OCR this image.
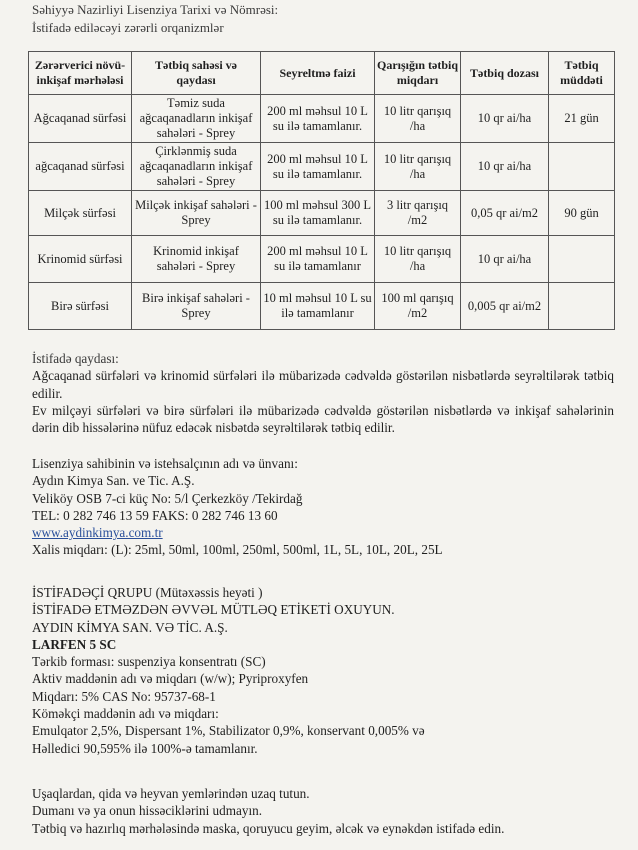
Səhiyyə Nazirliyi Lisenziya Tarixi və Nömrəsi:
İstifadə ediləcəyi zərərli orqanizmlər
Zərərverici növü-inkişaf mərhələsi	Tətbiq sahəsi və qaydası	Seyreltmə faizi	Qarışığın tətbiq miqdarı	Tətbiq dozası	Tətbiq müddəti
Ağcaqanad sürfəsi	Təmiz suda ağcaqanadların inkişaf sahələri - Sprey	200 ml məhsul 10 L su ilə tamamlanır.	10 litr qarışıq /ha	10 qr ai/ha	21 gün
ağcaqanad sürfəsi	Çirklənmiş suda ağcaqanadların inkişaf sahələri - Sprey	200 ml məhsul 10 L su ilə tamamlanır.	10 litr qarışıq /ha	10 qr ai/ha	
Milçək sürfəsi	Milçək inkişaf sahələri - Sprey	100 ml məhsul 300 L su ilə tamamlanır.	3 litr qarışıq /m2	0,05 qr ai/m2	90 gün
Krinomid sürfəsi	Krinomid inkişaf sahələri - Sprey	200 ml məhsul 10 L su ilə tamamlanır	10 litr qarışıq /ha	10 qr ai/ha	
Birə sürfəsi	Birə inkişaf sahələri - Sprey	10 ml məhsul 10 L su ilə tamamlanır	100 ml qarışıq /m2	0,005 qr ai/m2	
İstifadə qaydası:
Ağcaqanad sürfələri və krinomid sürfələri ilə mübarizədə cədvəldə göstərilən nisbətlərdə seyrəltilərək tətbiq edilir.
Ev milçəyi sürfələri və birə sürfələri ilə mübarizədə cədvəldə göstərilən nisbətlərdə və inkişaf sahələrinin dərin dib hissələrinə nüfuz edəcək nisbətdə seyrəltilərək tətbiq edilir.
Lisenziya sahibinin və istehsalçının adı və ünvanı:
Aydın Kimya San. ve Tic. A.Ş.
Veliköy OSB 7-ci küç No: 5/l Çerkezköy /Tekirdağ
TEL: 0 282 746 13 59 FAKS: 0 282 746 13 60
www.aydinkimya.com.tr
Xalis miqdarı: (L): 25ml, 50ml, 100ml, 250ml, 500ml, 1L, 5L, 10L, 20L, 25L
İSTİFADƏÇİ QRUPU (Mütəxəssis heyəti )
İSTİFADƏ ETMƏZDƏN ƏVVƏL MÜTLƏQ ETİKETİ OXUYUN.
AYDIN KİMYA SAN. VƏ TİC. A.Ş.
LARFEN 5 SC
Tərkib forması: suspenziya konsentratı (SC)
Aktiv maddənin adı və miqdarı (w/w); Pyriproxyfen
Miqdarı: 5% CAS No: 95737-68-1
Köməkçi maddənin adı və miqdarı:
Emulqator 2,5%, Dispersant 1%, Stabilizator 0,9%, konservant 0,005% və
Həlledici 90,595% ilə 100%-ə tamamlanır.
Uşaqlardan, qida və heyvan yemlərindən uzaq tutun.
Dumanı və ya onun hissəciklərini udmayın.
Tətbiq və hazırlıq mərhələsində maska, qoruyucu geyim, əlcək və eynəkdən istifadə edin.
